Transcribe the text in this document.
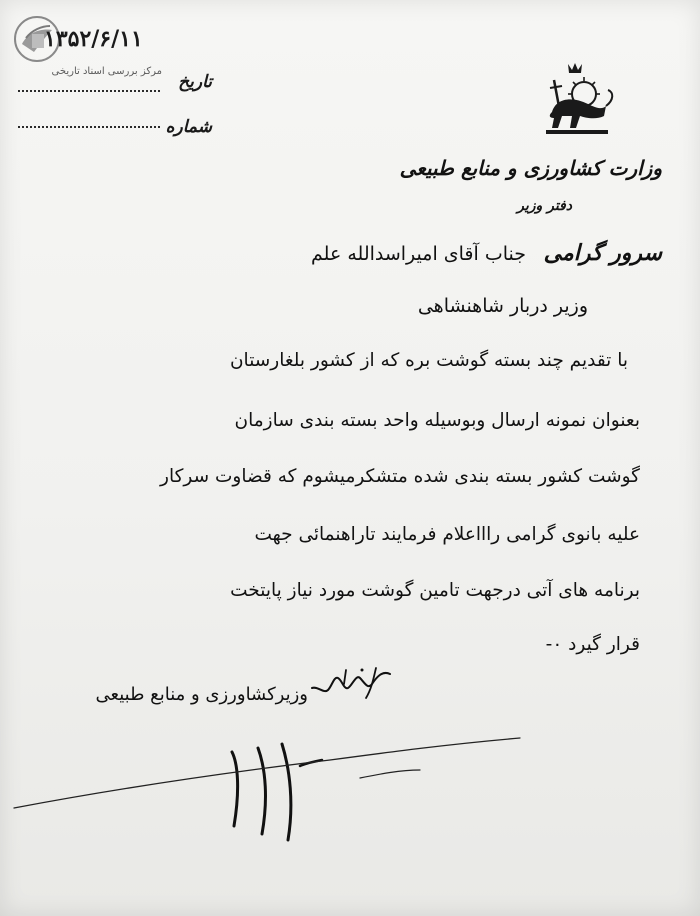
مرکز بررسی اسناد تاریخی
۱۳۵۲/۶/۱۱
تاریخ
شماره
وزارت کشاورزی و منابع طبیعی
دفتر وزیر
سرور گرامی
جناب آقای امیراسدالله علم
وزیر دربار شاهنشاهی
با تقدیم چند بسته گوشت بره که از کشور بلغارستان
بعنوان نمونه ارسال وبوسیله واحد بسته بندی سازمان
گوشت کشور بسته بندی شده متشکرمیشوم که قضاوت سرکار
علیه بانوی گرامی راااعلام فرمایند تاراهنمائی جهت
برنامه های آتی درجهت تامین گوشت مورد نیاز پایتخت
قرار گیرد ۰-
وزیرکشاورزی و منابع طبیعی
